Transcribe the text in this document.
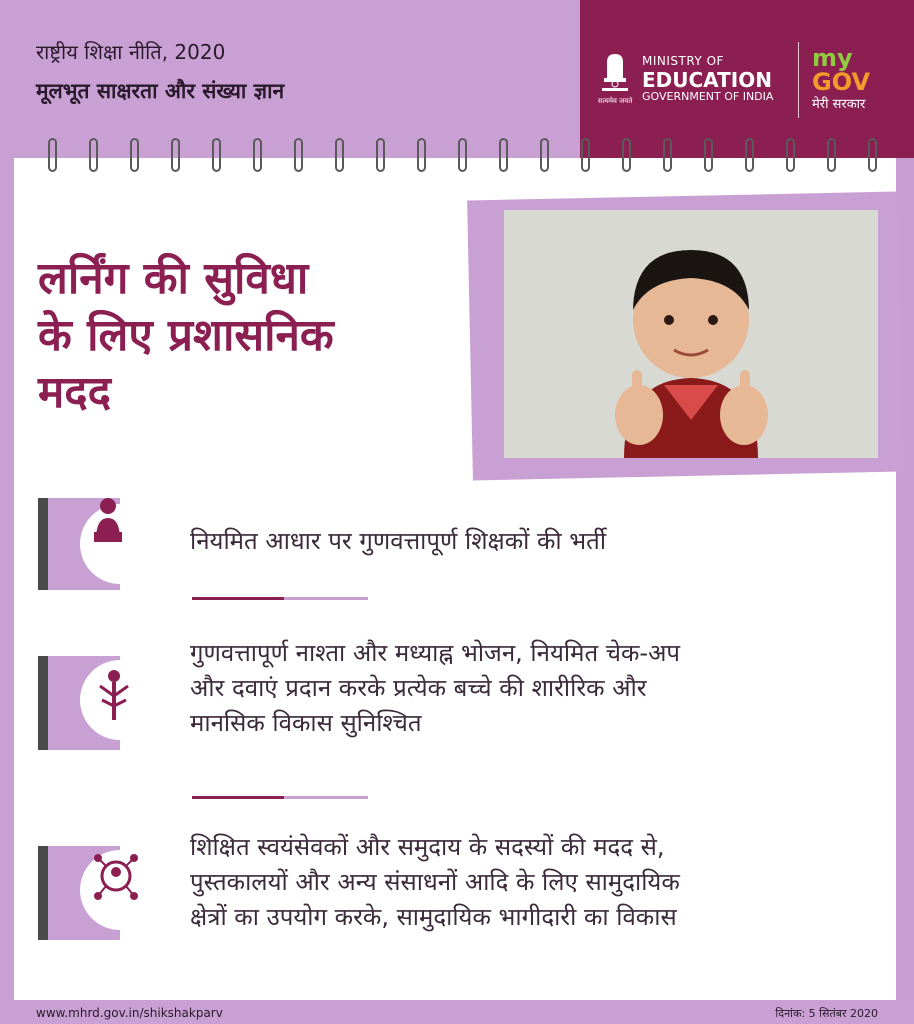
राष्ट्रीय शिक्षा नीति, 2020
मूलभूत साक्षरता और संख्या ज्ञान
MINISTRY OF
EDUCATION
GOVERNMENT OF INDIA
सत्यमेव जयते
my
GOV
मेरी सरकार
लर्निंग की सुविधा
के लिए प्रशासनिक
मदद
नियमित आधार पर गुणवत्तापूर्ण शिक्षकों की भर्ती
गुणवत्तापूर्ण नाश्ता और मध्याह्न भोजन, नियमित चेक-अप
और दवाएं प्रदान करके प्रत्येक बच्चे की शारीरिक और
मानसिक विकास सुनिश्चित
शिक्षित स्वयंसेवकों और समुदाय के सदस्यों की मदद से,
पुस्तकालयों और अन्य संसाधनों आदि के लिए सामुदायिक
क्षेत्रों का उपयोग करके, सामुदायिक भागीदारी का विकास
www.mhrd.gov.in/shikshakparv	दिनांक: 5 सितंबर 2020
